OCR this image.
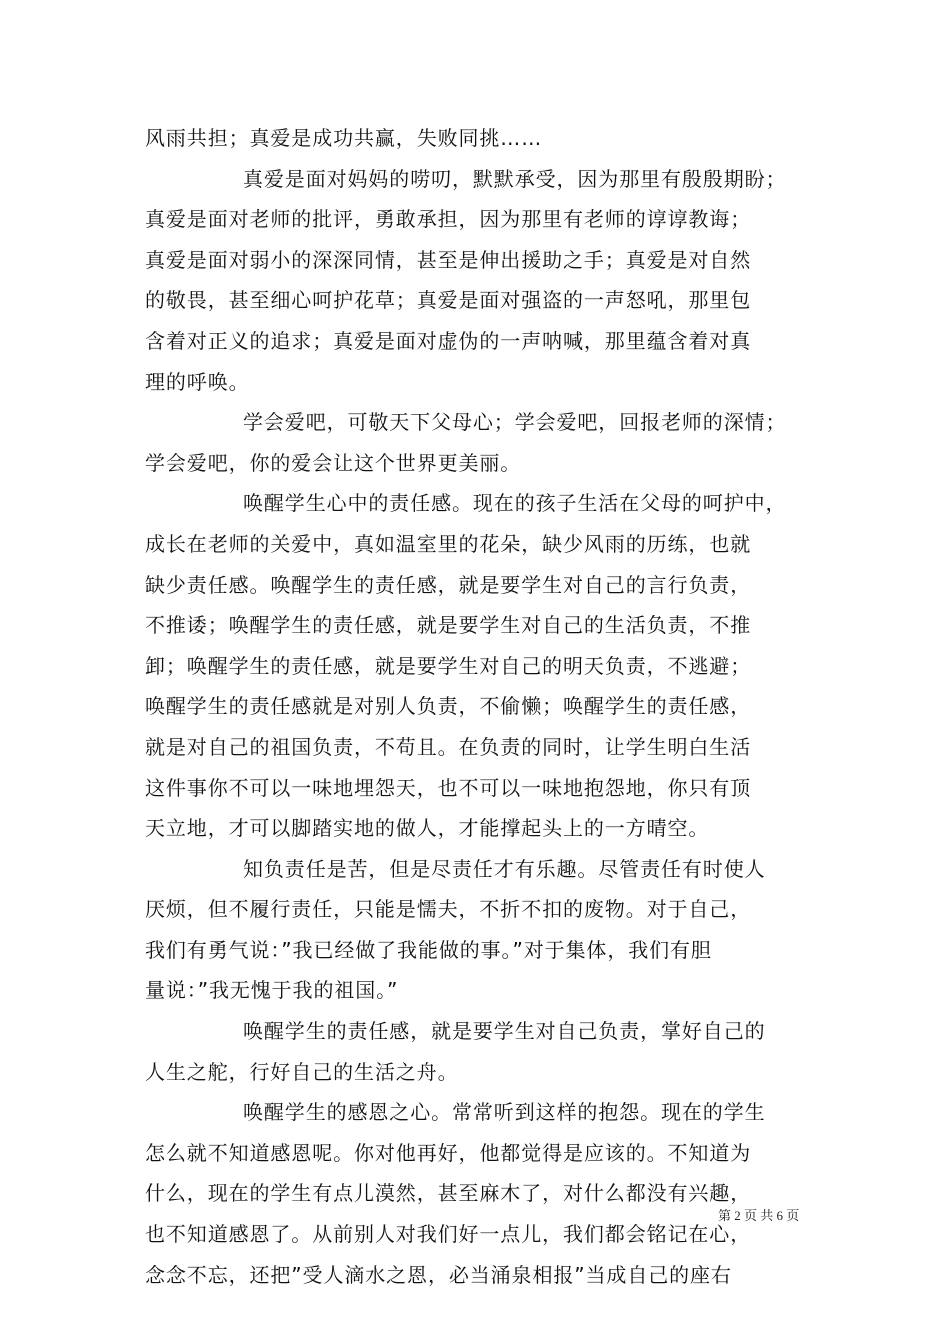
风雨共担；真爱是成功共赢，失败同挑……
真爱是面对妈妈的唠叨，默默承受，因为那里有殷殷期盼；
真爱是面对老师的批评，勇敢承担，因为那里有老师的谆谆教诲；
真爱是面对弱小的深深同情，甚至是伸出援助之手；真爱是对自然
的敬畏，甚至细心呵护花草；真爱是面对强盗的一声怒吼，那里包
含着对正义的追求；真爱是面对虚伪的一声呐喊，那里蕴含着对真
理的呼唤。
学会爱吧，可敬天下父母心；学会爱吧，回报老师的深情；
学会爱吧，你的爱会让这个世界更美丽。
唤醒学生心中的责任感。现在的孩子生活在父母的呵护中，
成长在老师的关爱中，真如温室里的花朵，缺少风雨的历练，也就
缺少责任感。唤醒学生的责任感，就是要学生对自己的言行负责，
不推诿；唤醒学生的责任感，就是要学生对自己的生活负责，不推
卸；唤醒学生的责任感，就是要学生对自己的明天负责，不逃避；
唤醒学生的责任感就是对别人负责，不偷懒；唤醒学生的责任感，
就是对自己的祖国负责，不苟且。在负责的同时，让学生明白生活
这件事你不可以一味地埋怨天，也不可以一味地抱怨地，你只有顶
天立地，才可以脚踏实地的做人，才能撑起头上的一方晴空。
知负责任是苦，但是尽责任才有乐趣。尽管责任有时使人
厌烦，但不履行责任，只能是懦夫，不折不扣的废物。对于自己，
我们有勇气说：”我已经做了我能做的事。”对于集体，我们有胆
量说：”我无愧于我的祖国。”
唤醒学生的责任感，就是要学生对自己负责，掌好自己的
人生之舵，行好自己的生活之舟。
唤醒学生的感恩之心。常常听到这样的抱怨。现在的学生
怎么就不知道感恩呢。你对他再好，他都觉得是应该的。不知道为
什么，现在的学生有点儿漠然，甚至麻木了，对什么都没有兴趣，
也不知道感恩了。从前别人对我们好一点儿，我们都会铭记在心，
念念不忘，还把”受人滴水之恩，必当涌泉相报”当成自己的座右
第 2 页 共 6 页
